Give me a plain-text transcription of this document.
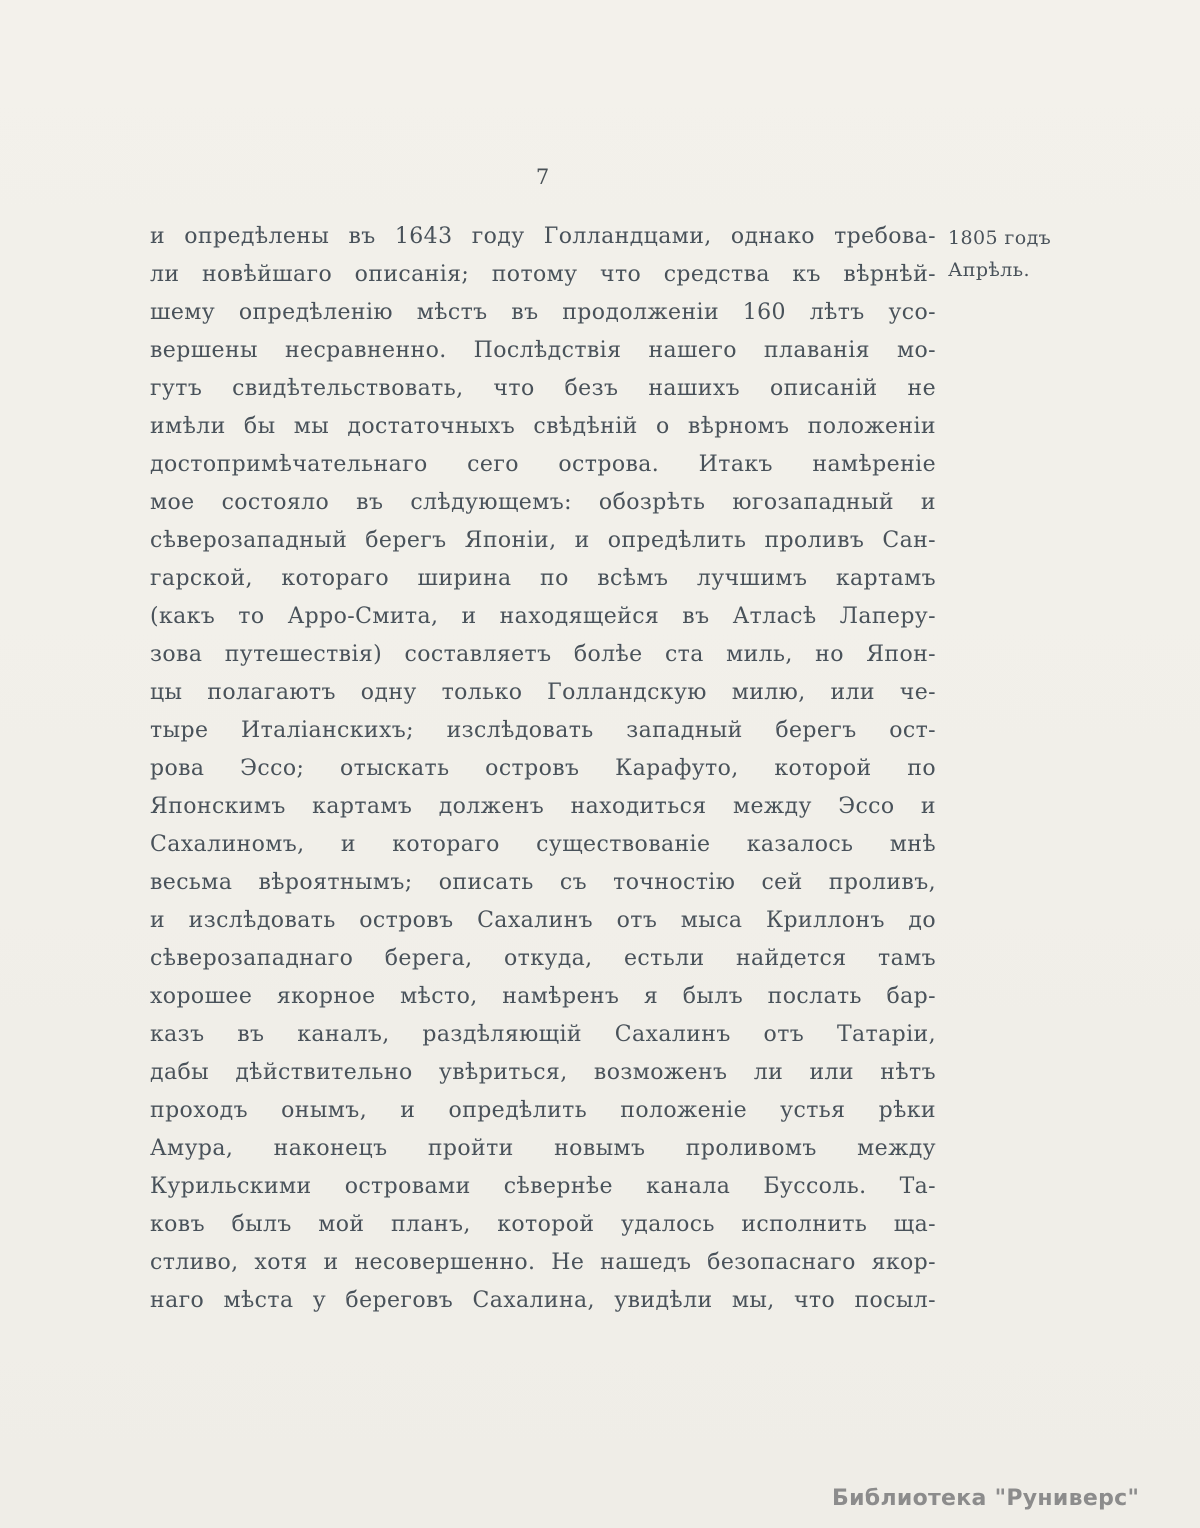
7
1805 годъ
Апрѣль.
и опредѣлены въ 1643 году Голландцами, однако требова-
ли новѣйшаго описанія; потому что средства къ вѣрнѣй-
шему опредѣленію мѣстъ въ продолженіи 160 лѣтъ усо-
вершены несравненно. Послѣдствія нашего плаванія мо-
гутъ свидѣтельствовать, что безъ нашихъ описаній не
имѣли бы мы достаточныхъ свѣдѣній о вѣрномъ положеніи
достопримѣчательнаго сего острова. Итакъ намѣреніе
мое состояло въ слѣдующемъ: обозрѣть югозападный и
сѣверозападный берегъ Японіи, и опредѣлить проливъ Сан-
гарской, котораго ширина по всѣмъ лучшимъ картамъ
(какъ то Арро-Смита, и находящейся въ Атласѣ Лаперу-
зова путешествія) составляетъ болѣе ста миль, но Япон-
цы полагаютъ одну только Голландскую милю, или че-
тыре Италіанскихъ; изслѣдовать западный берегъ ост-
рова Эссо; отыскать островъ Карафуто, которой по
Японскимъ картамъ долженъ находиться между Эссо и
Сахалиномъ, и котораго существованіе казалось мнѣ
весьма вѣроятнымъ; описать съ точностію сей проливъ,
и изслѣдовать островъ Сахалинъ отъ мыса Криллонъ до
сѣверозападнаго берега, откуда, естьли найдется тамъ
хорошее якорное мѣсто, намѣренъ я былъ послать бар-
казъ въ каналъ, раздѣляющій Сахалинъ отъ Татаріи,
дабы дѣйствительно увѣриться, возможенъ ли или нѣтъ
проходъ онымъ, и опредѣлить положеніе устья рѣки
Амура, наконецъ пройти новымъ проливомъ между
Курильскими островами сѣвернѣе канала Буссоль. Та-
ковъ былъ мой планъ, которой удалось исполнить ща-
стливо, хотя и несовершенно. Не нашедъ безопаснаго якор-
наго мѣста у береговъ Сахалина, увидѣли мы, что посыл-
Библиотека "Руниверс"
